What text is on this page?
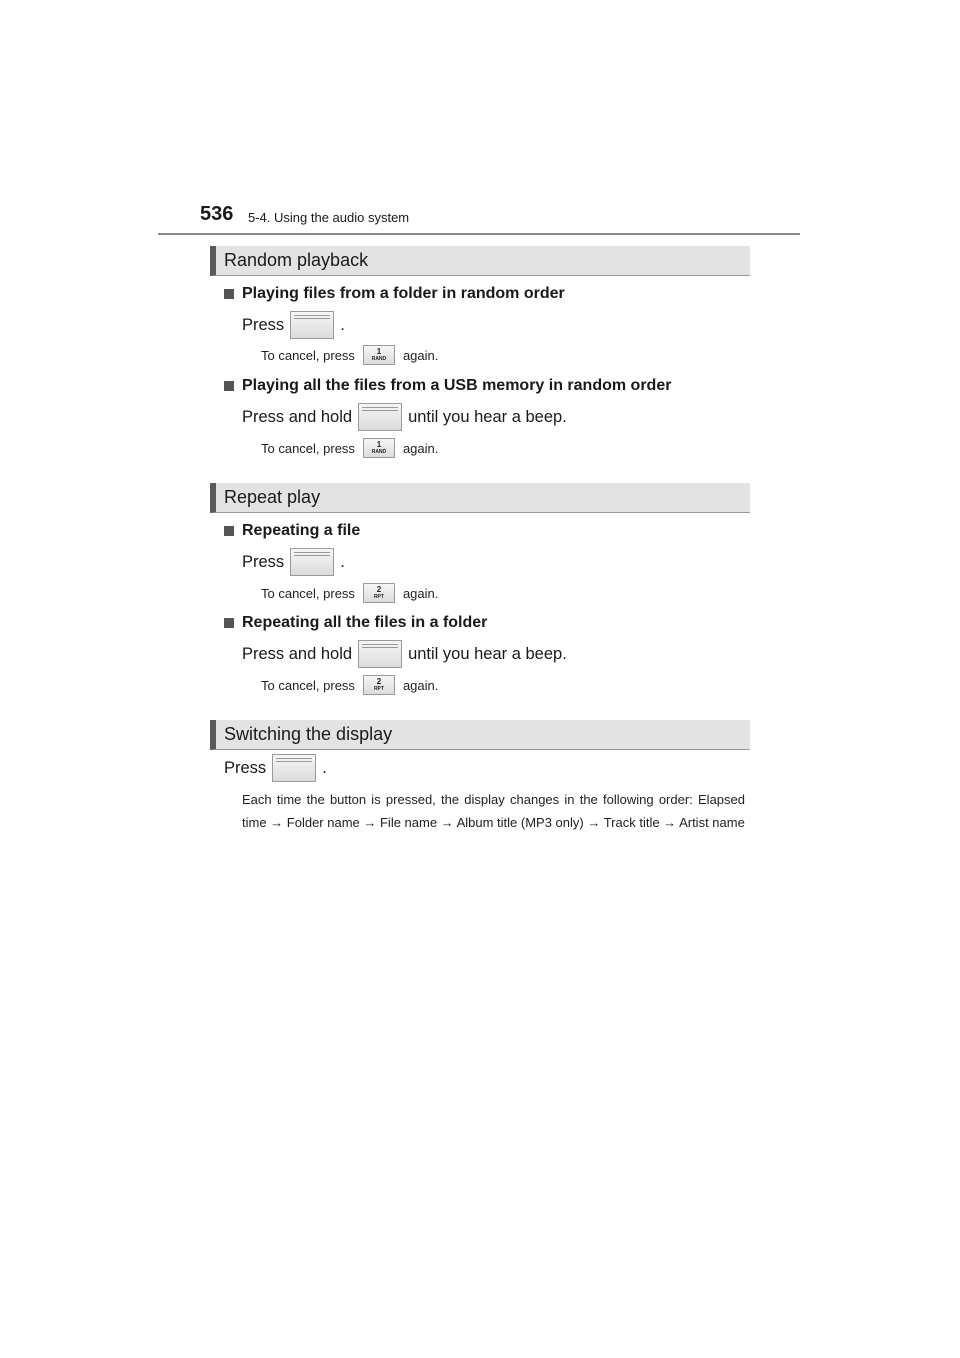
536 5-4. Using the audio system
Random playback
Playing files from a folder in random order
Press	.
To cancel, press	1
RAND	again.
Playing all the files from a USB memory in random order
Press and hold	until you hear a beep.
To cancel, press	1
RAND	again.
Repeat play
Repeating a file
Press	.
To cancel, press	2
RPT	again.
Repeating all the files in a folder
Press and hold	until you hear a beep.
To cancel, press	2
RPT	again.
Switching the display
Press	.
Each time the button is pressed, the display changes in the following order: Elapsed time → Folder name → File name → Album title (MP3 only) → Track title → Artist name
